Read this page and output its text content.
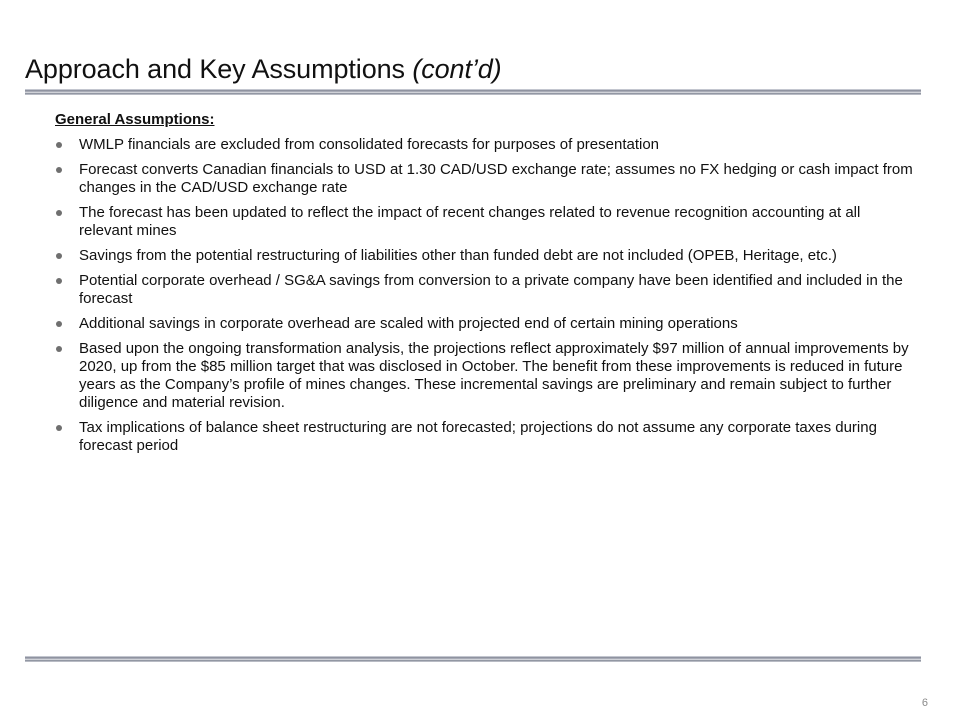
Approach and Key Assumptions (cont’d)
General Assumptions:
WMLP financials are excluded from consolidated forecasts for purposes of presentation
Forecast converts Canadian financials to USD at 1.30 CAD/USD exchange rate; assumes no FX hedging or cash impact from changes in the CAD/USD exchange rate
The forecast has been updated to reflect the impact of recent changes related to revenue recognition accounting at all relevant mines
Savings from the potential restructuring of liabilities other than funded debt are not included (OPEB, Heritage, etc.)
Potential corporate overhead / SG&A savings from conversion to a private company have been identified and included in the forecast
Additional savings in corporate overhead are scaled with projected end of certain mining operations
Based upon the ongoing transformation analysis, the projections reflect approximately $97 million of annual improvements by 2020, up from the $85 million target that was disclosed in October. The benefit from these improvements is reduced in future years as the Company’s profile of mines changes. These incremental savings are preliminary and remain subject to further diligence and material revision.
Tax implications of balance sheet restructuring are not forecasted; projections do not assume any corporate taxes during forecast period
6
